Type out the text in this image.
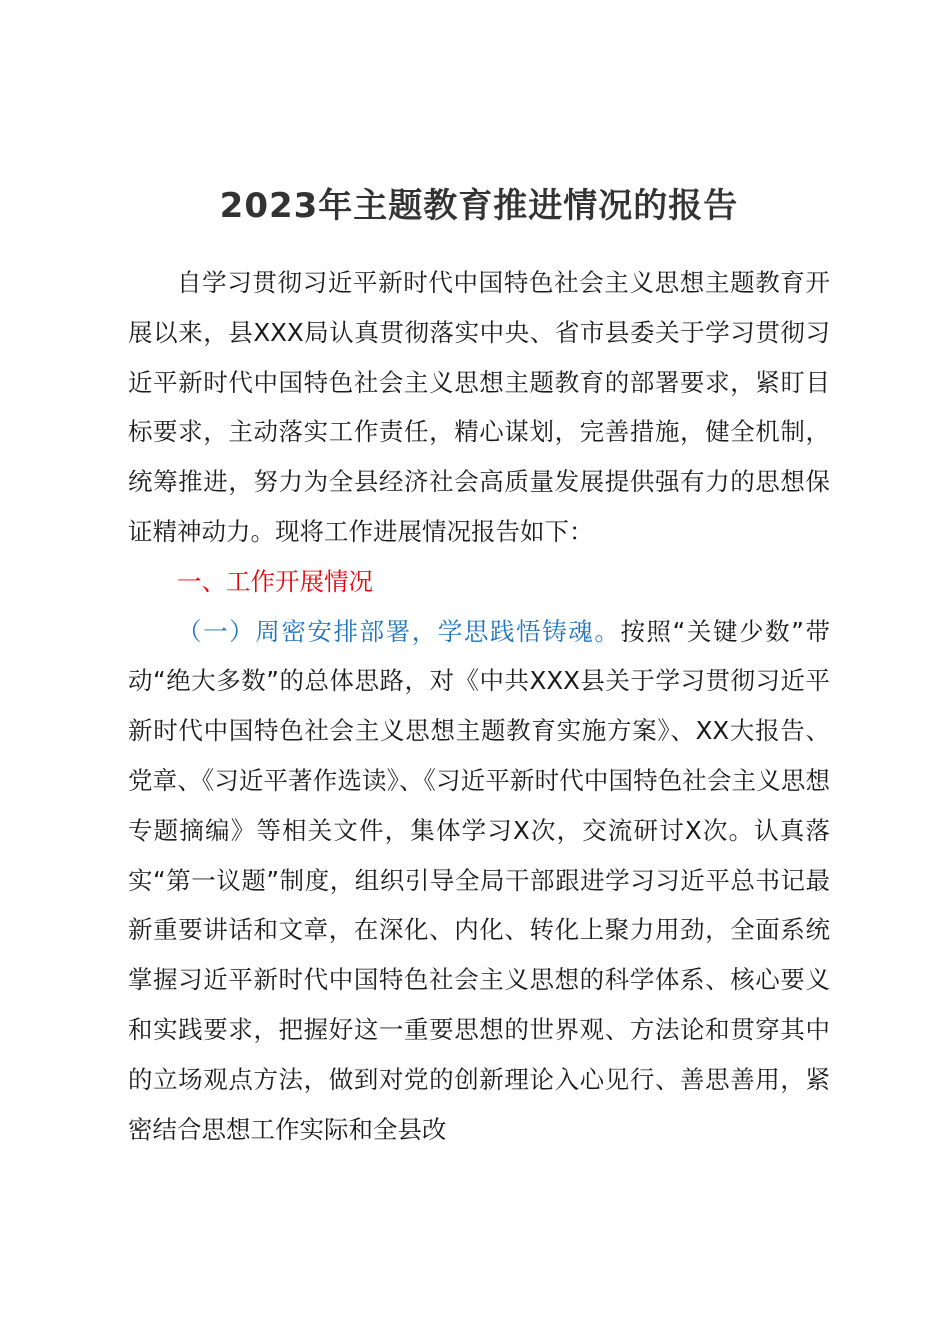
2023年主题教育推进情况的报告

自学习贯彻习近平新时代中国特色社会主义思想主题教育开展以来，县XXX局认真贯彻落实中央、省市县委关于学习贯彻习近平新时代中国特色社会主义思想主题教育的部署要求，紧盯目标要求，主动落实工作责任，精心谋划，完善措施，健全机制，统筹推进，努力为全县经济社会高质量发展提供强有力的思想保证精神动力。现将工作进展情况报告如下：

一、工作开展情况

（一）周密安排部署，学思践悟铸魂。按照“关键少数”带动“绝大多数”的总体思路，对《中共XXX县关于学习贯彻习近平新时代中国特色社会主义思想主题教育实施方案》、XX大报告、党章、《习近平著作选读》、《习近平新时代中国特色社会主义思想专题摘编》等相关文件，集体学习X次，交流研讨X次。认真落实“第一议题”制度，组织引导全局干部跟进学习习近平总书记最新重要讲话和文章，在深化、内化、转化上聚力用劲，全面系统掌握习近平新时代中国特色社会主义思想的科学体系、核心要义和实践要求，把握好这一重要思想的世界观、方法论和贯穿其中的立场观点方法，做到对党的创新理论入心见行、善思善用，紧密结合思想工作实际和全县改
